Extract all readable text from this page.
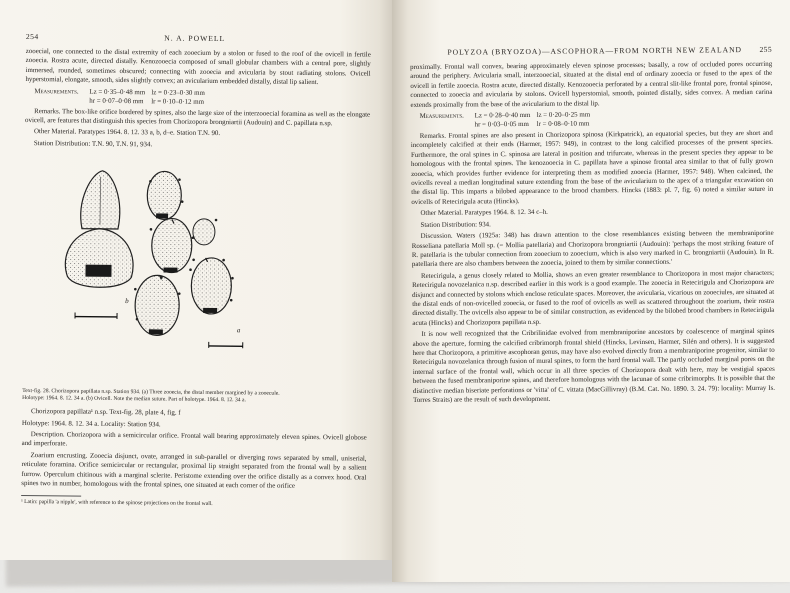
254	N. A. POWELL

zooecial, one connected to the distal extremity of each zooecium by a stolon or fused to the roof of the ovicell in fertile zooecia. Rostra acute, directed distally. Kenozooecia composed of small globular chambers with a central pore, slightly immersed, rounded, sometimes obscured; connecting with zooecia and avicularia by stout radiating stolons. Ovicell hyperstomial, elongate, smooth, sides slightly convex; an avicularium embedded distally, distal lip salient.

Measurements.	Lz = 0·35–0·48 mm lz = 0·23–0·30 mm
hr = 0·07–0·08 mm	lr = 0·10–0·12 mm

Remarks. The box-like orifice bordered by spines, also the large size of the interzooecial foramina as well as the elongate ovicell, are features that distinguish this species from Chorizopora brongniartii (Audouin) and C. papillata n.sp.

Other Material. Paratypes 1964. 8. 12. 33 a, b, d–e. Station T.N. 90.

Station Distribution: T.N. 90, T.N. 91, 934.

b
a

Text-fig. 28. Chorizopora papillata n.sp. Station 934. (a) Three zooecia, the distal member margined by a zooecule. Holotype: 1964. 8. 12. 34 a. (b) Ovicell. Note the median suture. Part of holotype. 1964. 8. 12. 34 a.

Chorizopora papillata¹ n.sp. Text-fig. 28, plate 4, fig. f

Holotype: 1964. 8. 12. 34 a. Locality: Station 934.

Description. Chorizopora with a semicircular orifice. Frontal wall bearing approximately eleven spines. Ovicell globose and imperforate.

Zoarium encrusting. Zooecia disjunct, ovate, arranged in sub-parallel or diverging rows separated by small, uniserial, reticulate foramina. Orifice semicircular or rectangular, proximal lip straight separated from the frontal wall by a salient furrow. Operculum chitinous with a marginal sclerite. Peristome extending over the orifice distally as a convex hood. Oral spines two in number, homologous with the frontal spines, one situated at each corner of the orifice

¹ Latin: papilla 'a nipple', with reference to the spinose projections on the frontal wall.

POLYZOA (BRYOZOA)—ASCOPHORA—FROM NORTH NEW ZEALAND 255

proximally. Frontal wall convex, bearing approximately eleven spinose processes; basally, a row of occluded pores occurring around the periphery. Avicularia small, interzooecial, situated at the distal end of ordinary zooecia or fused to the apex of the ovicell in fertile zooecia. Rostra acute, directed distally. Kenozooecia perforated by a central slit-like frontal pore, frontal spinose, connected to zooecia and avicularia by stolons. Ovicell hyperstomial, smooth, pointed distally, sides convex. A median carina extends proximally from the base of the avicularium to the distal lip.

Measurements.	Lz = 0·28–0·40 mm lz = 0·20–0·25 mm
hr = 0·03–0·05 mm	lr = 0·08–0·10 mm

Remarks. Frontal spines are also present in Chorizopora spinosa (Kirkpatrick), an equatorial species, but they are short and incompletely calcified at their ends (Harmer, 1957: 949), in contrast to the long calcified processes of the present species. Furthermore, the oral spines in C. spinosa are lateral in position and trifurcate, whereas in the present species they appear to be homologous with the frontal spines. The kenozooecia in C. papillata have a spinose frontal area similar to that of fully grown zooecia, which provides further evidence for interpreting them as modified zooecia (Harmer, 1957: 948). When calcined, the ovicells reveal a median longitudinal suture extending from the base of the avicularium to the apex of a triangular excavation on the distal lip. This imparts a bilobed appearance to the brood chambers. Hincks (1883: pl. 7, fig. 6) noted a similar suture in ovicells of Retecirigula acuta (Hincks).

Other Material. Paratypes 1964. 8. 12. 34 c–h.

Station Distribution: 934.

Discussion. Waters (1925a: 348) has drawn attention to the close resemblances existing between the membraniporine Rosseliana patellaria Moll sp. (= Mollia patellaria) and Chorizopora brongniartii (Audouin): 'perhaps the most striking feature of R. patellaria is the tubular connection from zooecium to zooecium, which is also very marked in C. brongniartii (Audouin). In R. patellaria there are also chambers between the zooecia, joined to them by similar connections.'

Retecirigula, a genus closely related to Mollia, shows an even greater resemblance to Chorizopora in most major characters; Retecirigula novozelanica n.sp. described earlier in this work is a good example. The zooecia in Retecirigula and Chorizopora are disjunct and connected by stolons which enclose reticulate spaces. Moreover, the avicularia, vicarious on zooeciules, are situated at the distal ends of non-ovicelled zooecia, or fused to the roof of ovicells as well as scattered throughout the zoarium, their rostra directed distally. The ovicells also appear to be of similar construction, as evidenced by the bilobed brood chambers in Retecirigula acuta (Hincks) and Chorizopora papillata n.sp.

It is now well recognized that the Cribrilinidae evolved from membraniporine ancestors by coalescence of marginal spines above the aperture, forming the calcified cribrimorph frontal shield (Hincks, Levinsen, Harmer, Silén and others). It is suggested here that Chorizopora, a primitive ascophoran genus, may have also evolved directly from a membraniporine progenitor, similar to Retecirigula novozelanica through fusion of mural spines, to form the hard frontal wall. The partly occluded marginal pores on the internal surface of the frontal wall, which occur in all three species of Chorizopora dealt with here, may be vestigial spaces between the fused membraniporine spines, and therefore homologous with the lacunae of some cribrimorphs. It is possible that the distinctive median biseriate perforations or 'vitta' of C. vittata (MacGillivray) (B.M. Cat. No. 1890. 3. 24. 79): locality: Murray Is. Torres Straits) are the result of such development.
